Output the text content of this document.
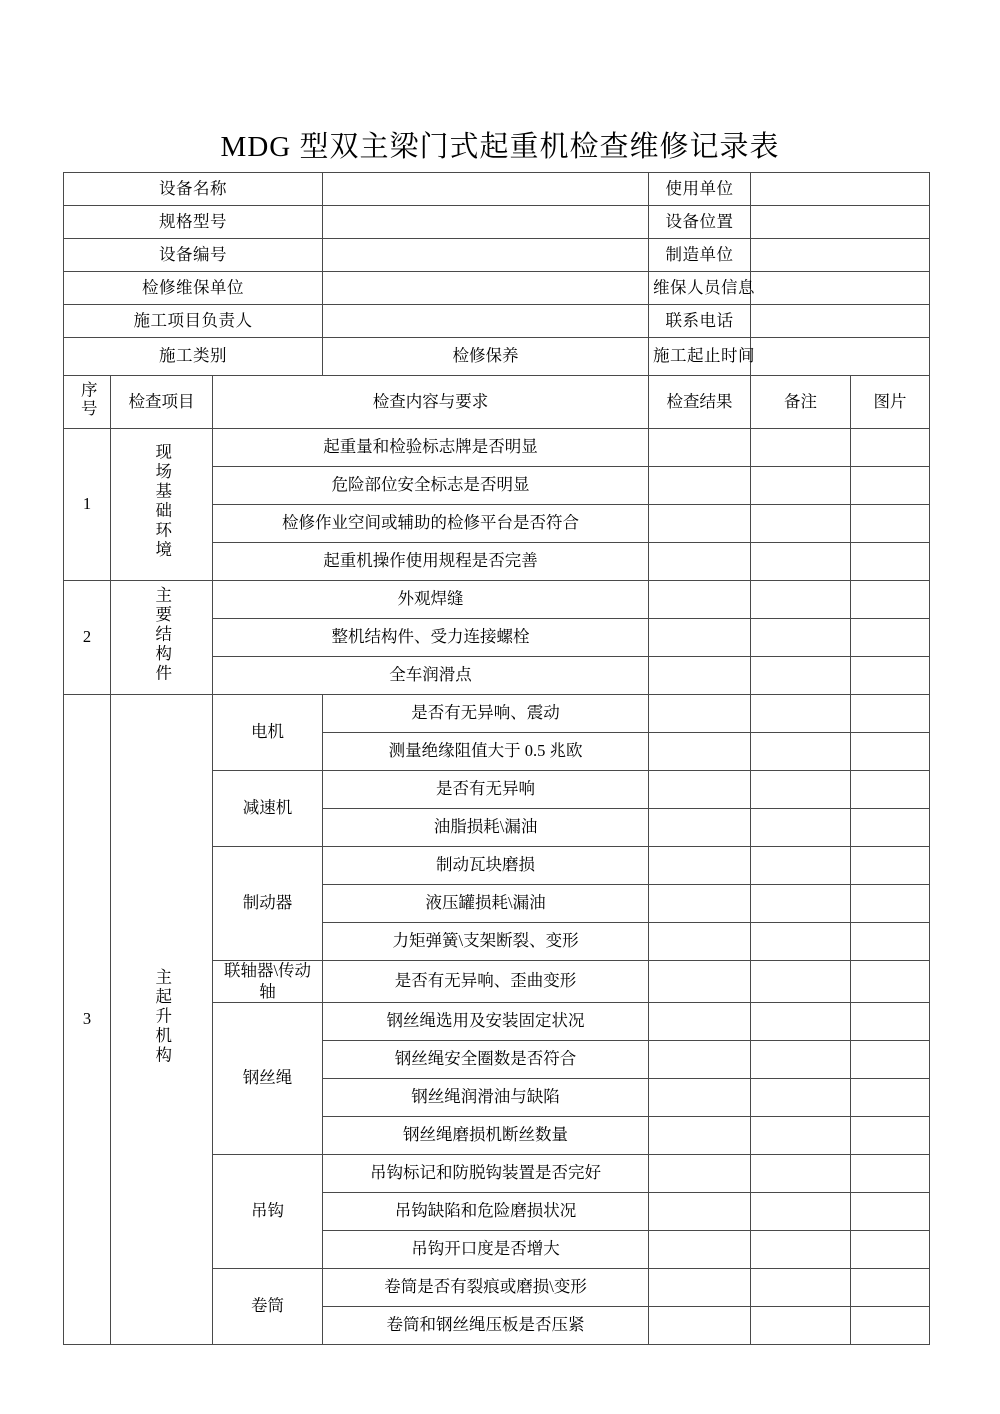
MDG 型双主梁门式起重机检查维修记录表
设备名称				使用单位		
规格型号				设备位置		
设备编号				制造单位		
检修维保单位				维保人员信息		
施工项目负责人				联系电话		
施工类别			检修保养	施工起止时间		
序号	检查项目	检查内容与要求		检查结果	备注	图片
1	现场基础环境	起重量和检验标志牌是否明显				
		危险部位安全标志是否明显				
		检修作业空间或辅助的检修平台是否符合				
		起重机操作使用规程是否完善				
2	主要结构件	外观焊缝				
		整机结构件、受力连接螺栓				
		全车润滑点				
3	主起升机构	电机	是否有无异响、震动			
			测量绝缘阻值大于 0.5 兆欧			
		减速机	是否有无异响			
			油脂损耗\漏油			
		制动器	制动瓦块磨损			
			液压罐损耗\漏油			
			力矩弹簧\支架断裂、变形			
		联轴器\传动轴	是否有无异响、歪曲变形			
		钢丝绳	钢丝绳选用及安装固定状况			
			钢丝绳安全圈数是否符合			
			钢丝绳润滑油与缺陷			
			钢丝绳磨损机断丝数量			
		吊钩	吊钩标记和防脱钩装置是否完好			
			吊钩缺陷和危险磨损状况			
			吊钩开口度是否增大			
		卷筒	卷筒是否有裂痕或磨损\变形			
			卷筒和钢丝绳压板是否压紧			
